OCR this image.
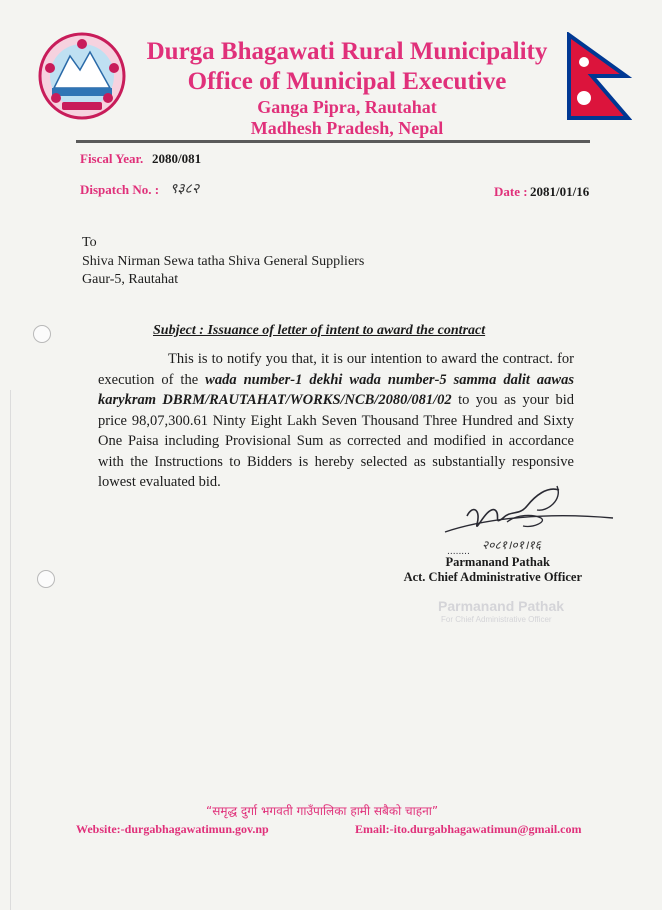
Durga Bhagawati Rural Municipality
Office of Municipal Executive
Ganga Pipra, Rautahat
Madhesh Pradesh, Nepal
Fiscal Year. 2080/081
Dispatch No. : ९३८२	Date : 2081/01/16
To
Shiva Nirman Sewa tatha Shiva General Suppliers
Gaur-5, Rautahat
Subject : Issuance of letter of intent to award the contract
This is to notify you that, it is our intention to award the contract. for execution of the wada number-1 dekhi wada number-5 samma dalit aawas karykram DBRM/RAUTAHAT/WORKS/NCB/2080/081/02 to you as your bid price 98,07,300.61 Ninty Eight Lakh Seven Thousand Three Hundred and Sixty One Paisa including Provisional Sum as corrected and modified in accordance with the Instructions to Bidders is hereby selected as substantially responsive lowest evaluated bid.
........ २०८१।०१।१६
Parmanand Pathak
Act. Chief Administrative Officer
Parmanand Pathak
For Chief Administrative Officer
“समृद्ध दुर्गा भगवती गाउँपालिका हामी सबैको चाहना”
Website:-durgabhagawatimun.gov.np	Email:-ito.durgabhagawatimun@gmail.com
